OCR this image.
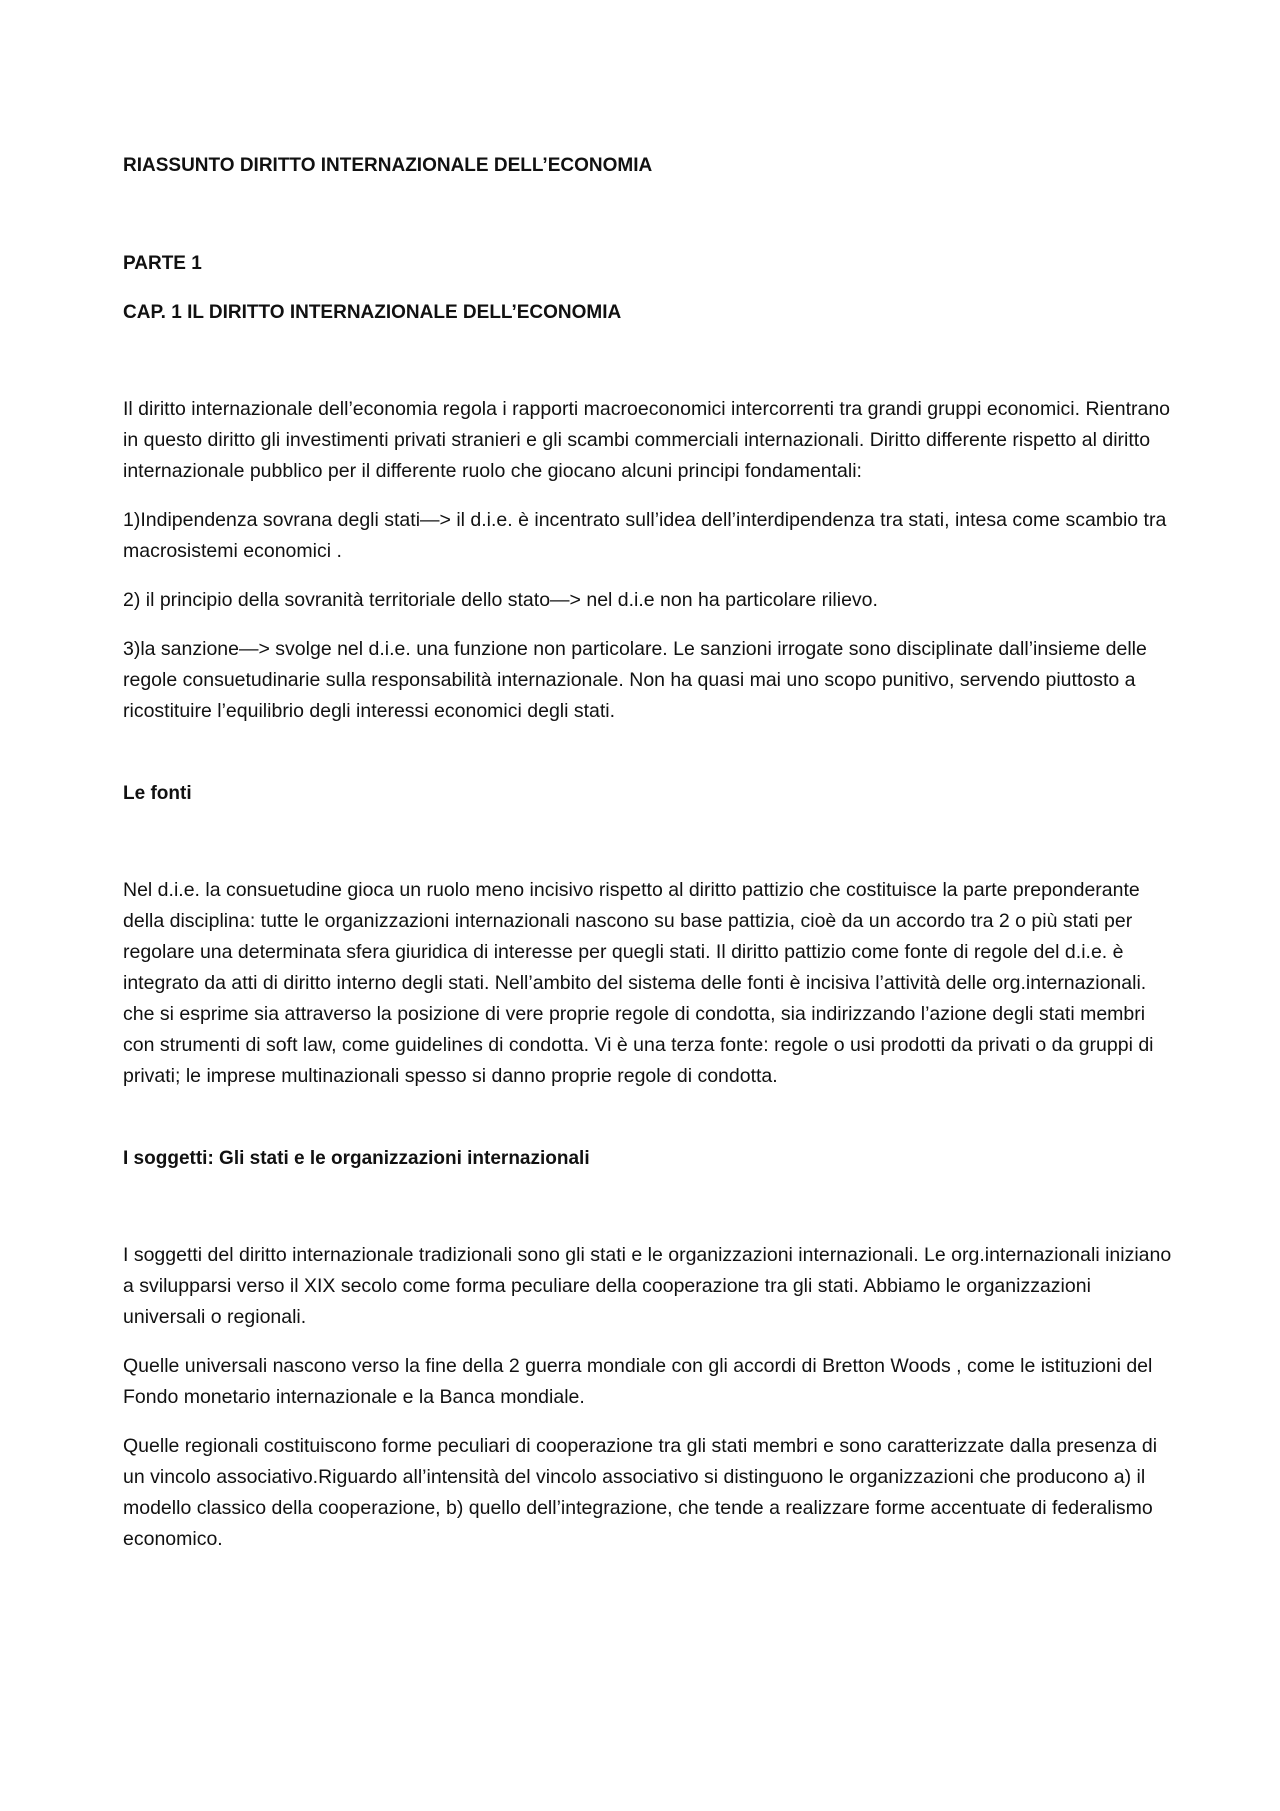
RIASSUNTO DIRITTO INTERNAZIONALE DELL’ECONOMIA
PARTE 1
CAP. 1 IL DIRITTO INTERNAZIONALE DELL’ECONOMIA

Il diritto internazionale dell’economia regola i rapporti macroeconomici intercorrenti tra grandi gruppi economici. Rientrano in questo diritto gli investimenti privati stranieri e gli scambi commerciali internazionali. Diritto differente rispetto al diritto internazionale pubblico per il differente ruolo che giocano alcuni principi fondamentali:

1)Indipendenza sovrana degli stati—> il d.i.e. è incentrato sull’idea dell’interdipendenza tra stati, intesa come scambio tra macrosistemi economici .

2) il principio della sovranità territoriale dello stato—> nel d.i.e non ha particolare rilievo.

3)la sanzione—> svolge nel d.i.e. una funzione non particolare. Le sanzioni irrogate sono disciplinate dall’insieme delle regole consuetudinarie sulla responsabilità internazionale. Non ha quasi mai uno scopo punitivo, servendo piuttosto a ricostituire l’equilibrio degli interessi economici degli stati.

Le fonti

Nel d.i.e. la consuetudine gioca un ruolo meno incisivo rispetto al diritto pattizio che costituisce la parte preponderante della disciplina: tutte le organizzazioni internazionali nascono su base pattizia, cioè da un accordo tra 2 o più stati per regolare una determinata sfera giuridica di interesse per quegli stati. Il diritto pattizio come fonte di regole del d.i.e. è integrato da atti di diritto interno degli stati. Nell’ambito del sistema delle fonti è incisiva l’attività delle org.internazionali. che si esprime sia attraverso la posizione di vere proprie regole di condotta, sia indirizzando l’azione degli stati membri con strumenti di soft law, come guidelines di condotta. Vi è una terza fonte: regole o usi prodotti da privati o da gruppi di privati; le imprese multinazionali spesso si danno proprie regole di condotta.

I soggetti: Gli stati e le organizzazioni internazionali

I soggetti del diritto internazionale tradizionali sono gli stati e le organizzazioni internazionali. Le org.internazionali iniziano a svilupparsi verso il XIX secolo come forma peculiare della cooperazione tra gli stati. Abbiamo le organizzazioni universali o regionali.

Quelle universali nascono verso la fine della 2 guerra mondiale con gli accordi di Bretton Woods , come le istituzioni del Fondo monetario internazionale e la Banca mondiale.

Quelle regionali costituiscono forme peculiari di cooperazione tra gli stati membri e sono caratterizzate dalla presenza di un vincolo associativo.Riguardo all’intensità del vincolo associativo si distinguono le organizzazioni che producono a) il modello classico della cooperazione, b) quello dell’integrazione, che tende a realizzare forme accentuate di federalismo economico.
